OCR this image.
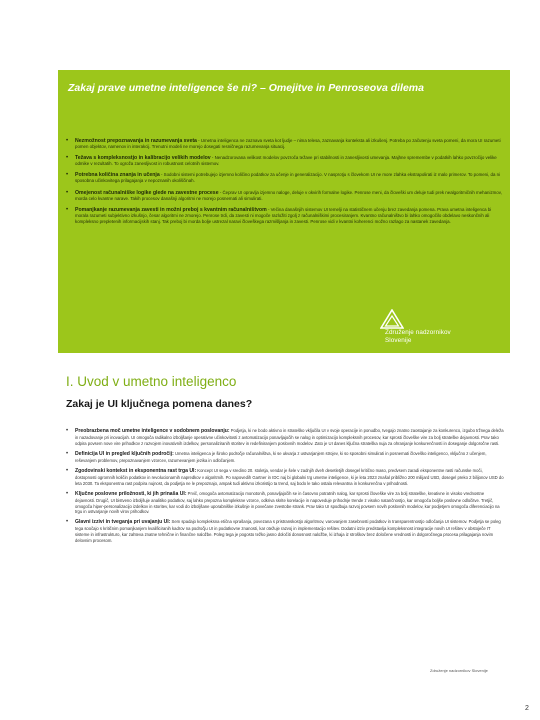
Zakaj prave umetne inteligence še ni? – Omejitve in Penroseova dilema
• Nezmožnost prepoznavanja in razumevanja sveta - Umetna inteligenca ne zaznava sveta kot ljudje – nima telesa, zaznavanja konteksta ali izkušenj. Potreba po začutenju sveta pomeni, da mora UI razumeti pomen objektov, namenov in interakcij. Trenutni modeli ne morejo dosegati resničnega razumevanja situacij.
• Težava s kompleksnostjo in kalibracijo velikih modelov - Nenadzorovana velikost modelov povzroča težave pri stabilnosti in zanesljivosti umevanja. Majhne spremembe v podatkih lahko povzročijo velike odmike v rezultatih. To ogroža zanesljivost in robustnost celotnih sistemov.
• Potrebna količina znanja in učenja - Sodobni sistemi potrebujejo izjemno količino podatkov za učenje in generalizacijo. V nasprotju s človekom UI ne more zlahka ekstrapolirati iz malo primerov. To pomeni, da ni sposobna učinkovitega prilagajanja v nepoznanih okoliščinah.
• Omejenost računalniške logike glede na zavestne procese - Čeprav UI opravlja izjemno naloge, deluje v okvirih formalne logike. Penrose meni, da človeški um deluje tudi prek nealgoritmičnih mehanizmov, morda celo kvantne narave. Takih procesov današnji algoritmi ne morejo posnemati ali simulirati.
• Pomanjkanje razumevanja zavesti in možni preboj s kvantnim računalništvom - Večina današnjih sistemov UI temelji na statističnem učenju brez zavedanja pomena. Prava umetna inteligenca bi morala razumeti subjektivno izkušnjo, česar algoritmi ne zmorejo. Penrose trdi, da zavesti ni mogoče razložiti zgolj z računalniškimi procesiranjem. Kvantno računalništvo bi lahko omogočilo obdelavo neskončnih ali kompleksno prepletenih informacijskih stanj. Tak preboj bi morda bolje ustrezal naravi človeškega razmišljanja in zavesti. Penrose vidi v kvantni koherenci možno razlago za nastanek zavedanja.
Združenje nadzornikov
Slovenije
I. Uvod v umetno inteligenco
Zakaj je UI ključnega pomena danes?
• Preobrazbena moč umetne inteligence v sodobnem poslovanju: Podjetja, ki ne bodo aktivno in strateško vključila UI v svoje operacije in ponudbo, tvegajo znatno zaostajanje za konkurenco, izgubo tržnega deleža in nazadovanje pri inovacijah. UI omogoča radikalno izboljšanje operativne učinkovitosti z avtomatizacijo ponavljajočih se nalog in optimizacijo kompleksnih procesov, kar sprosti človeške vire za bolj strateške dejavnosti. Prav tako odpira povsem nove vire prihodkov z razvojem inovativnih izdelkov, personaliziranih storitev in redefiniranjem poslovnih modelov. Zato je UI danes ključna strateška nuja za ohranjanje konkurenčnosti in doseganje dolgoročne rasti.
• Definicija UI in pregled ključnih področij: Umetna inteligenca je široko področje računalništva, ki se ukvarja z ustvarjanjem strojev, ki so sposobni simulirati in posnemati človeško inteligenco, vključno z učenjem, reševanjem problemov, prepoznavanjem vzorcev, razumevanjem jezika in odločanjem.
• Zgodovinski kontekst in eksponentna rast trga UI: Koncept UI sega v sredino 20. stoletja, vendar je šele v zadnjih dveh desetletjih dosegel kritično maso, predvsem zaradi eksponentne rasti računske moči, dostopnosti ogromnih količin podatkov in revolucionarnih napredkov v algoritmih. Po napovedih Gartner in IDC naj bi globalni trg umetne inteligence, ki je leta 2023 znašal približno 200 milijard USD, dosegel preko 2 bilijonov USD do leta 2030. Ta eksponentna rast podpira nujnost, da podjetja ne le prepoznajo, ampak tudi aktivno izkoristijo ta trend, saj bodo le tako ostala relevantna in konkurenčna v prihodnosti.
• Ključne poslovne priložnosti, ki jih prinaša UI: Prvič, omogoča avtomatizacijo monotonih, ponavljajočih se in časovno potratnih nalog, kar sprosti človeške vire za bolj strateške, kreativne in visoko vrednostne dejavnosti. Drugič, UI bistveno izboljšuje analitiko podatkov, saj lahko prepozna kompleksne vzorce, odkriva skrite korelacije in napoveduje prihodnje trende z visoko natančnostjo, kar omogoča boljše poslovne odločitve. Tretjič, omogoča hiper-personalizacijo izdelkov in storitev, kar vodi do izboljšane uporabniške izkušnje in povečane zvestobe strank. Prav tako UI spodbuja razvoj povsem novih poslovnih modelov, kar podjetjem omogoča diferenciacijo na trgu in ustvarjanje novih virov prihodkov.
• Glavni izzivi in tveganja pri uvajanju UI: Sem spadajo kompleksna etična vprašanja, povezana s pristranskostjo algoritmov, varovanjem zasebnosti podatkov in transparentnostjo odločanja UI sistemov. Podjetja se poleg tega soočajo s kritičnim pomanjkanjem kvalificiranih kadrov na področju UI in podatkovne znanosti, kar otežuje razvoj in implementacijo rešitev. Dodatni izziv predstavlja kompleksnost integracije novih UI rešitev v obstoječe IT sisteme in infrastrukturo, kar zahteva znatne tehnične in finančne naložbe. Poleg tega je pogosto težko jasno določiti donosnost naložbe, ki izhaja iz stroškov brez določene vrednosti in dolgoročnega procesa prilagajanja novim delovnim procesom.
Združenje nadzornikov Slovenije
2
